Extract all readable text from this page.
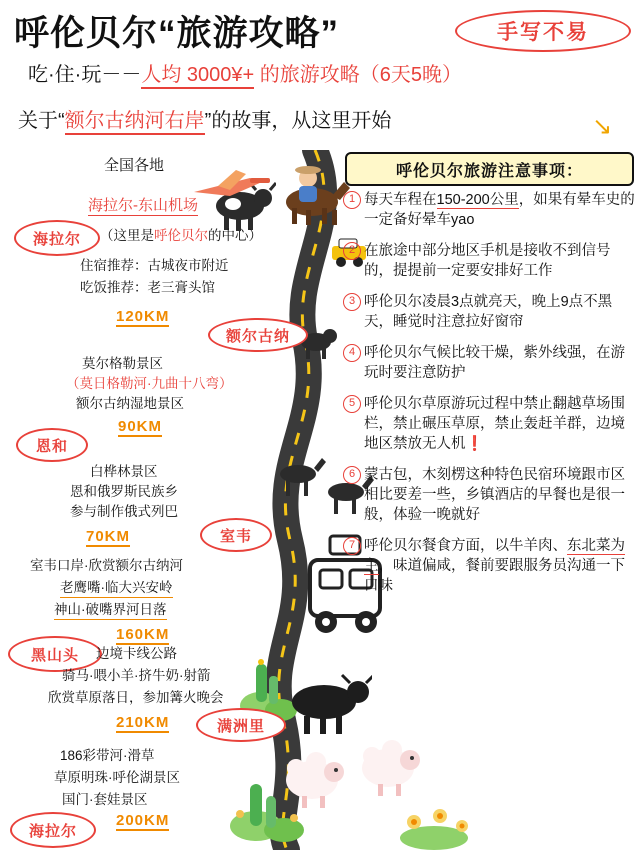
呼伦贝尔“旅游攻略”	手写不易
吃·住·玩－－人均 3000¥+ 的旅游攻略（6天5晚）
关于“额尔古纳河右岸”的故事，从这里开始	↘
全国各地
海拉尔-东山机场
海拉尔	（这里是呼伦贝尔的中心）
住宿推荐：古城夜市附近
吃饭推荐：老三膏头馆
120KM
额尔古纳
莫尔格勒景区
（莫日格勒河·九曲十八弯）
额尔古纳湿地景区
90KM
恩和
白桦林景区
恩和俄罗斯民族乡
参与制作俄式列巴
70KM	室韦
室韦口岸·欣赏额尔古纳河
老鹰嘴·临大兴安岭
神山·破嘴界河日落
160KM
黑山头	边境卡线公路
骑马·喂小羊·挤牛奶·射箭
欣赏草原落日，参加篝火晚会
210KM	满洲里
186彩带河·滑草
草原明珠·呼伦湖景区
国门·套娃景区
200KM
海拉尔
呼伦贝尔旅游注意事项：
1 每天车程在150-200公里，如果有晕车史的一定备好晕车yao
2 在旅途中部分地区手机是接收不到信号的，提提前一定要安排好工作
3 呼伦贝尔凌晨3点就亮天，晚上9点不黑天，睡觉时注意拉好窗帘
4 呼伦贝尔气候比较干燥，紫外线强，在游玩时要注意防护
5 呼伦贝尔草原游玩过程中禁止翻越草场围栏，禁止碾压草原，禁止轰赶羊群，边境地区禁放无人机❗
6 蒙古包，木刻楞这种特色民宿环境跟市区相比要差一些，乡镇酒店的早餐也是很一般，体验一晚就好
7 呼伦贝尔餐食方面，以牛羊肉、东北菜为主，味道偏咸，餐前要跟服务员沟通一下口味
